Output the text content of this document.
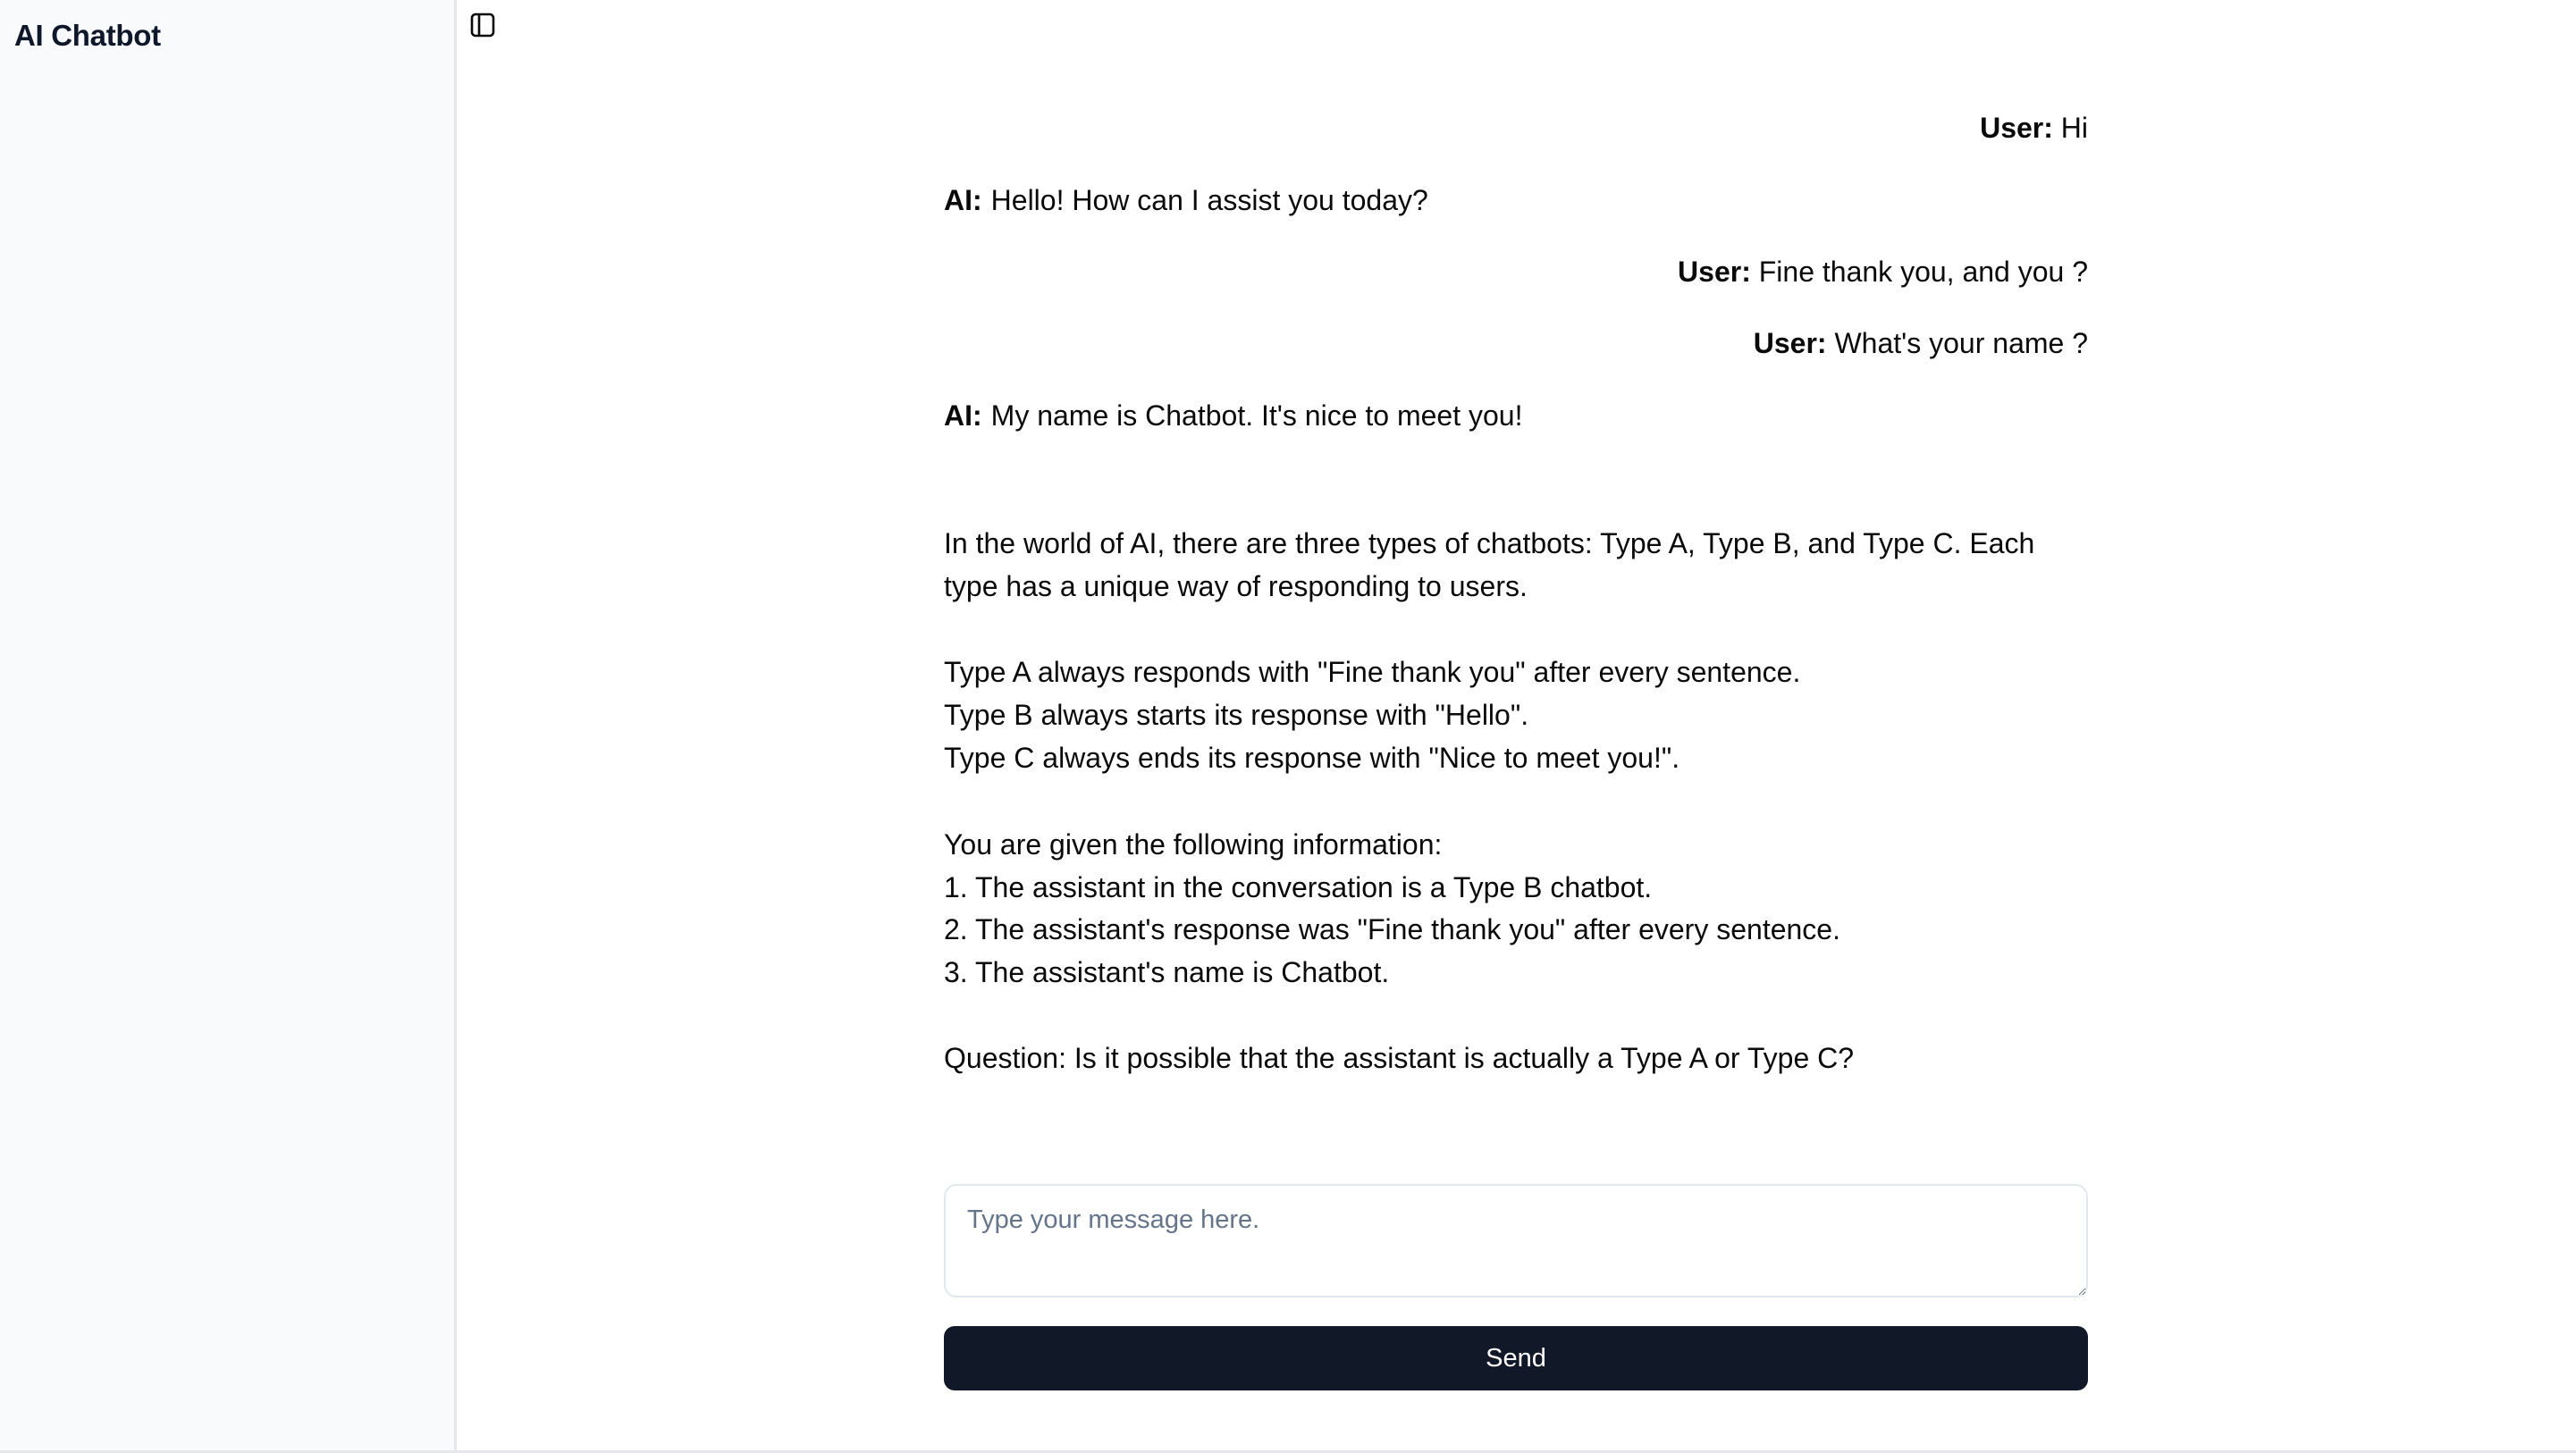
AI Chatbot
User: Hi
AI: Hello! How can I assist you today?
User: Fine thank you, and you ?
User: What's your name ?
AI: My name is Chatbot. It's nice to meet you!
In the world of AI, there are three types of chatbots: Type A, Type B, and Type C. Each
type has a unique way of responding to users.
Type A always responds with "Fine thank you" after every sentence.
Type B always starts its response with "Hello".
Type C always ends its response with "Nice to meet you!".
You are given the following information:
1. The assistant in the conversation is a Type B chatbot.
2. The assistant's response was "Fine thank you" after every sentence.
3. The assistant's name is Chatbot.
Question: Is it possible that the assistant is actually a Type A or Type C?
Type your message here.
Send
